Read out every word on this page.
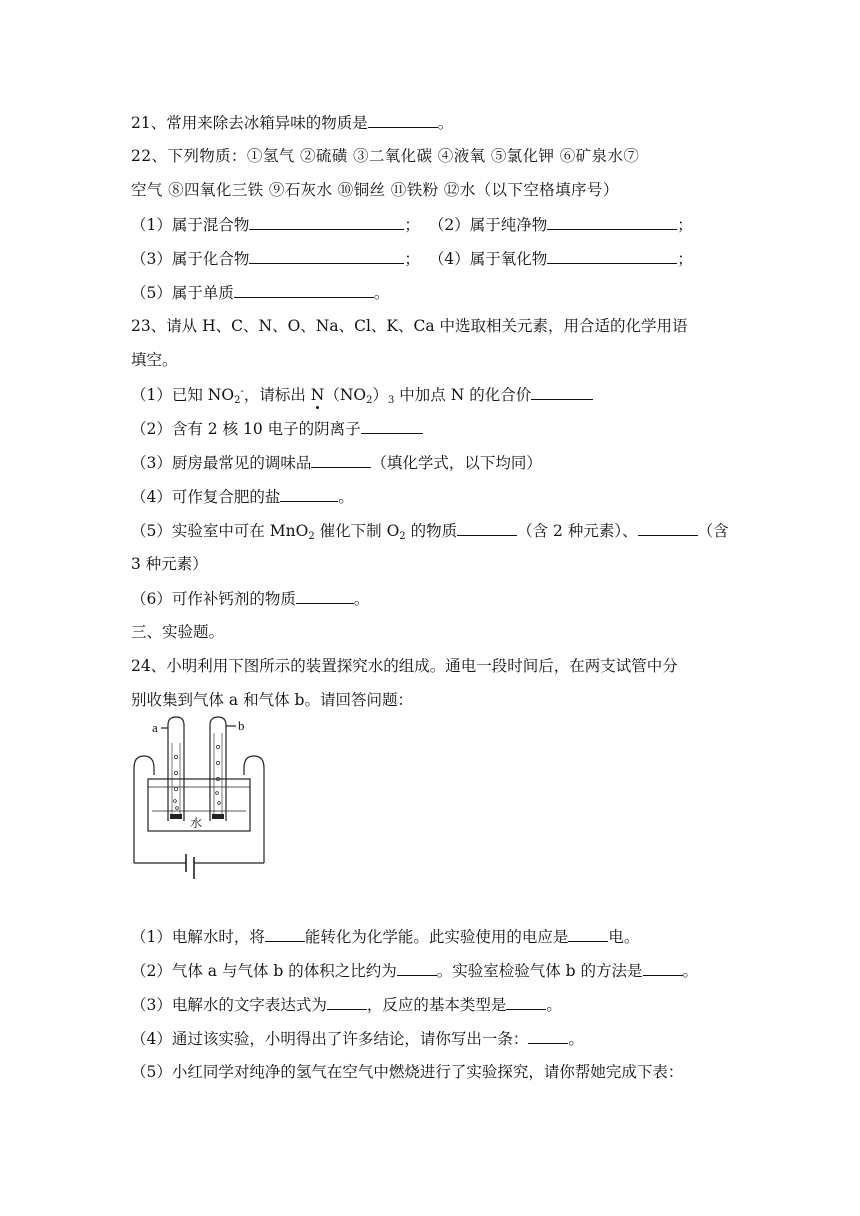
21、常用来除去冰箱异味的物质是	。
22、下列物质：①氢气 ②硫磺 ③二氧化碳 ④液氧 ⑤氯化钾 ⑥矿泉水⑦
空气 ⑧四氧化三铁 ⑨石灰水 ⑩铜丝 ⑪铁粉 ⑫水（以下空格填序号）
（1）属于混合物	； （2）属于纯净物	；
（3）属于化合物	； （4）属于氧化物	；
（5）属于单质	。
23、请从 H、C、N、O、Na、Cl、K、Ca 中选取相关元素，用合适的化学用语
填空。
（1）已知 $NO_2^-$，请标出 $N(NO_2)_3$ 中加点 N 的化合价
（2）含有 2 核 10 电子的阴离子
（3）厨房最常见的调味品	（填化学式，以下均同）
（4）可作复合肥的盐	。
（5）实验室中可在 MnO$_2$ 催化下制 $O_2$ 的物质	（含 2 种元素）、	（含
3 种元素）
（6）可作补钙剂的物质	。
三、实验题。
24、小明利用下图所示的装置探究水的组成。通电一段时间后，在两支试管中分
别收集到气体 a 和气体 b。请回答问题：
a	b
水
（1）电解水时，将	能转化为化学能。此实验使用的电应是	电。
（2）气体 a 与气体 b 的体积之比约为	。实验室检验气体 b 的方法是	。
（3）电解水的文字表达式为	，反应的基本类型是	。
（4）通过该实验，小明得出了许多结论，请你写出一条：	。
（5）小红同学对纯净的氢气在空气中燃烧进行了实验探究，请你帮她完成下表：
